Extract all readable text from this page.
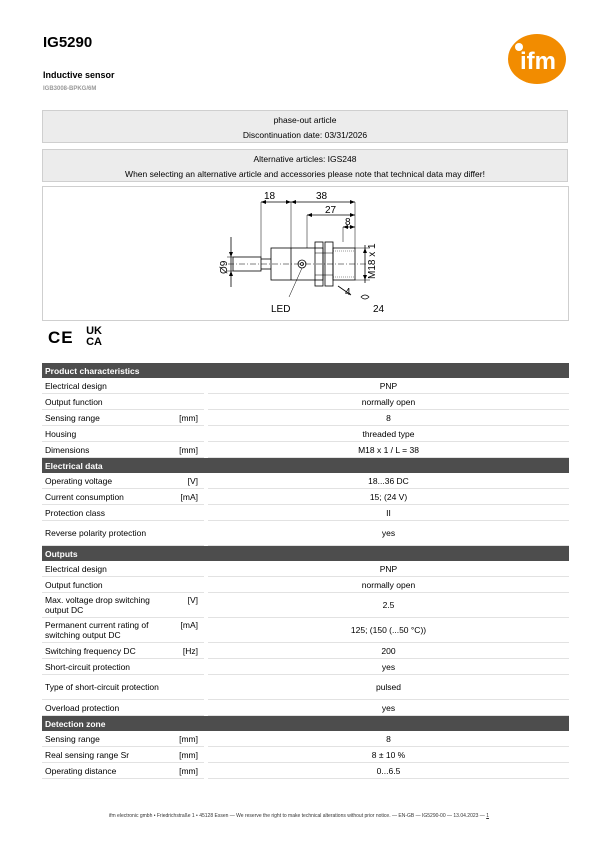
IG5290
Inductive sensor
IGB3008-BPKG/6M
ifm
phase-out article
Discontinuation date: 03/31/2026
Alternative articles: IGS248
When selecting an alternative article and accessories please note that technical data may differ!
18	38
27
8
Ø9	M18 x 1
4
24
LED
CE UK
CA
Product characteristics			
Electrical design			PNP
Output function			normally open
Sensing range	[mm]		8
Housing			threaded type
Dimensions	[mm]		M18 x 1 / L = 38
Electrical data			
Operating voltage	[V]		18...36 DC
Current consumption	[mA]		15; (24 V)
Protection class			II
Reverse polarity protection			yes
Outputs			
Electrical design			PNP
Output function			normally open
Max. voltage drop switching output DC	[V]		2.5
Permanent current rating of switching output DC	[mA]		125; (150 (...50 °C))
Switching frequency DC	[Hz]		200
Short-circuit protection			yes
Type of short-circuit protection			pulsed
Overload protection			yes
Detection zone			
Sensing range	[mm]		8
Real sensing range Sr	[mm]		8 ± 10 %
Operating distance	[mm]		0...6.5
ifm electronic gmbh • Friedrichstraße 1 • 45128 Essen — We reserve the right to make technical alterations without prior notice. — EN-GB — IG5290-00 — 13.04.2023 — 1
